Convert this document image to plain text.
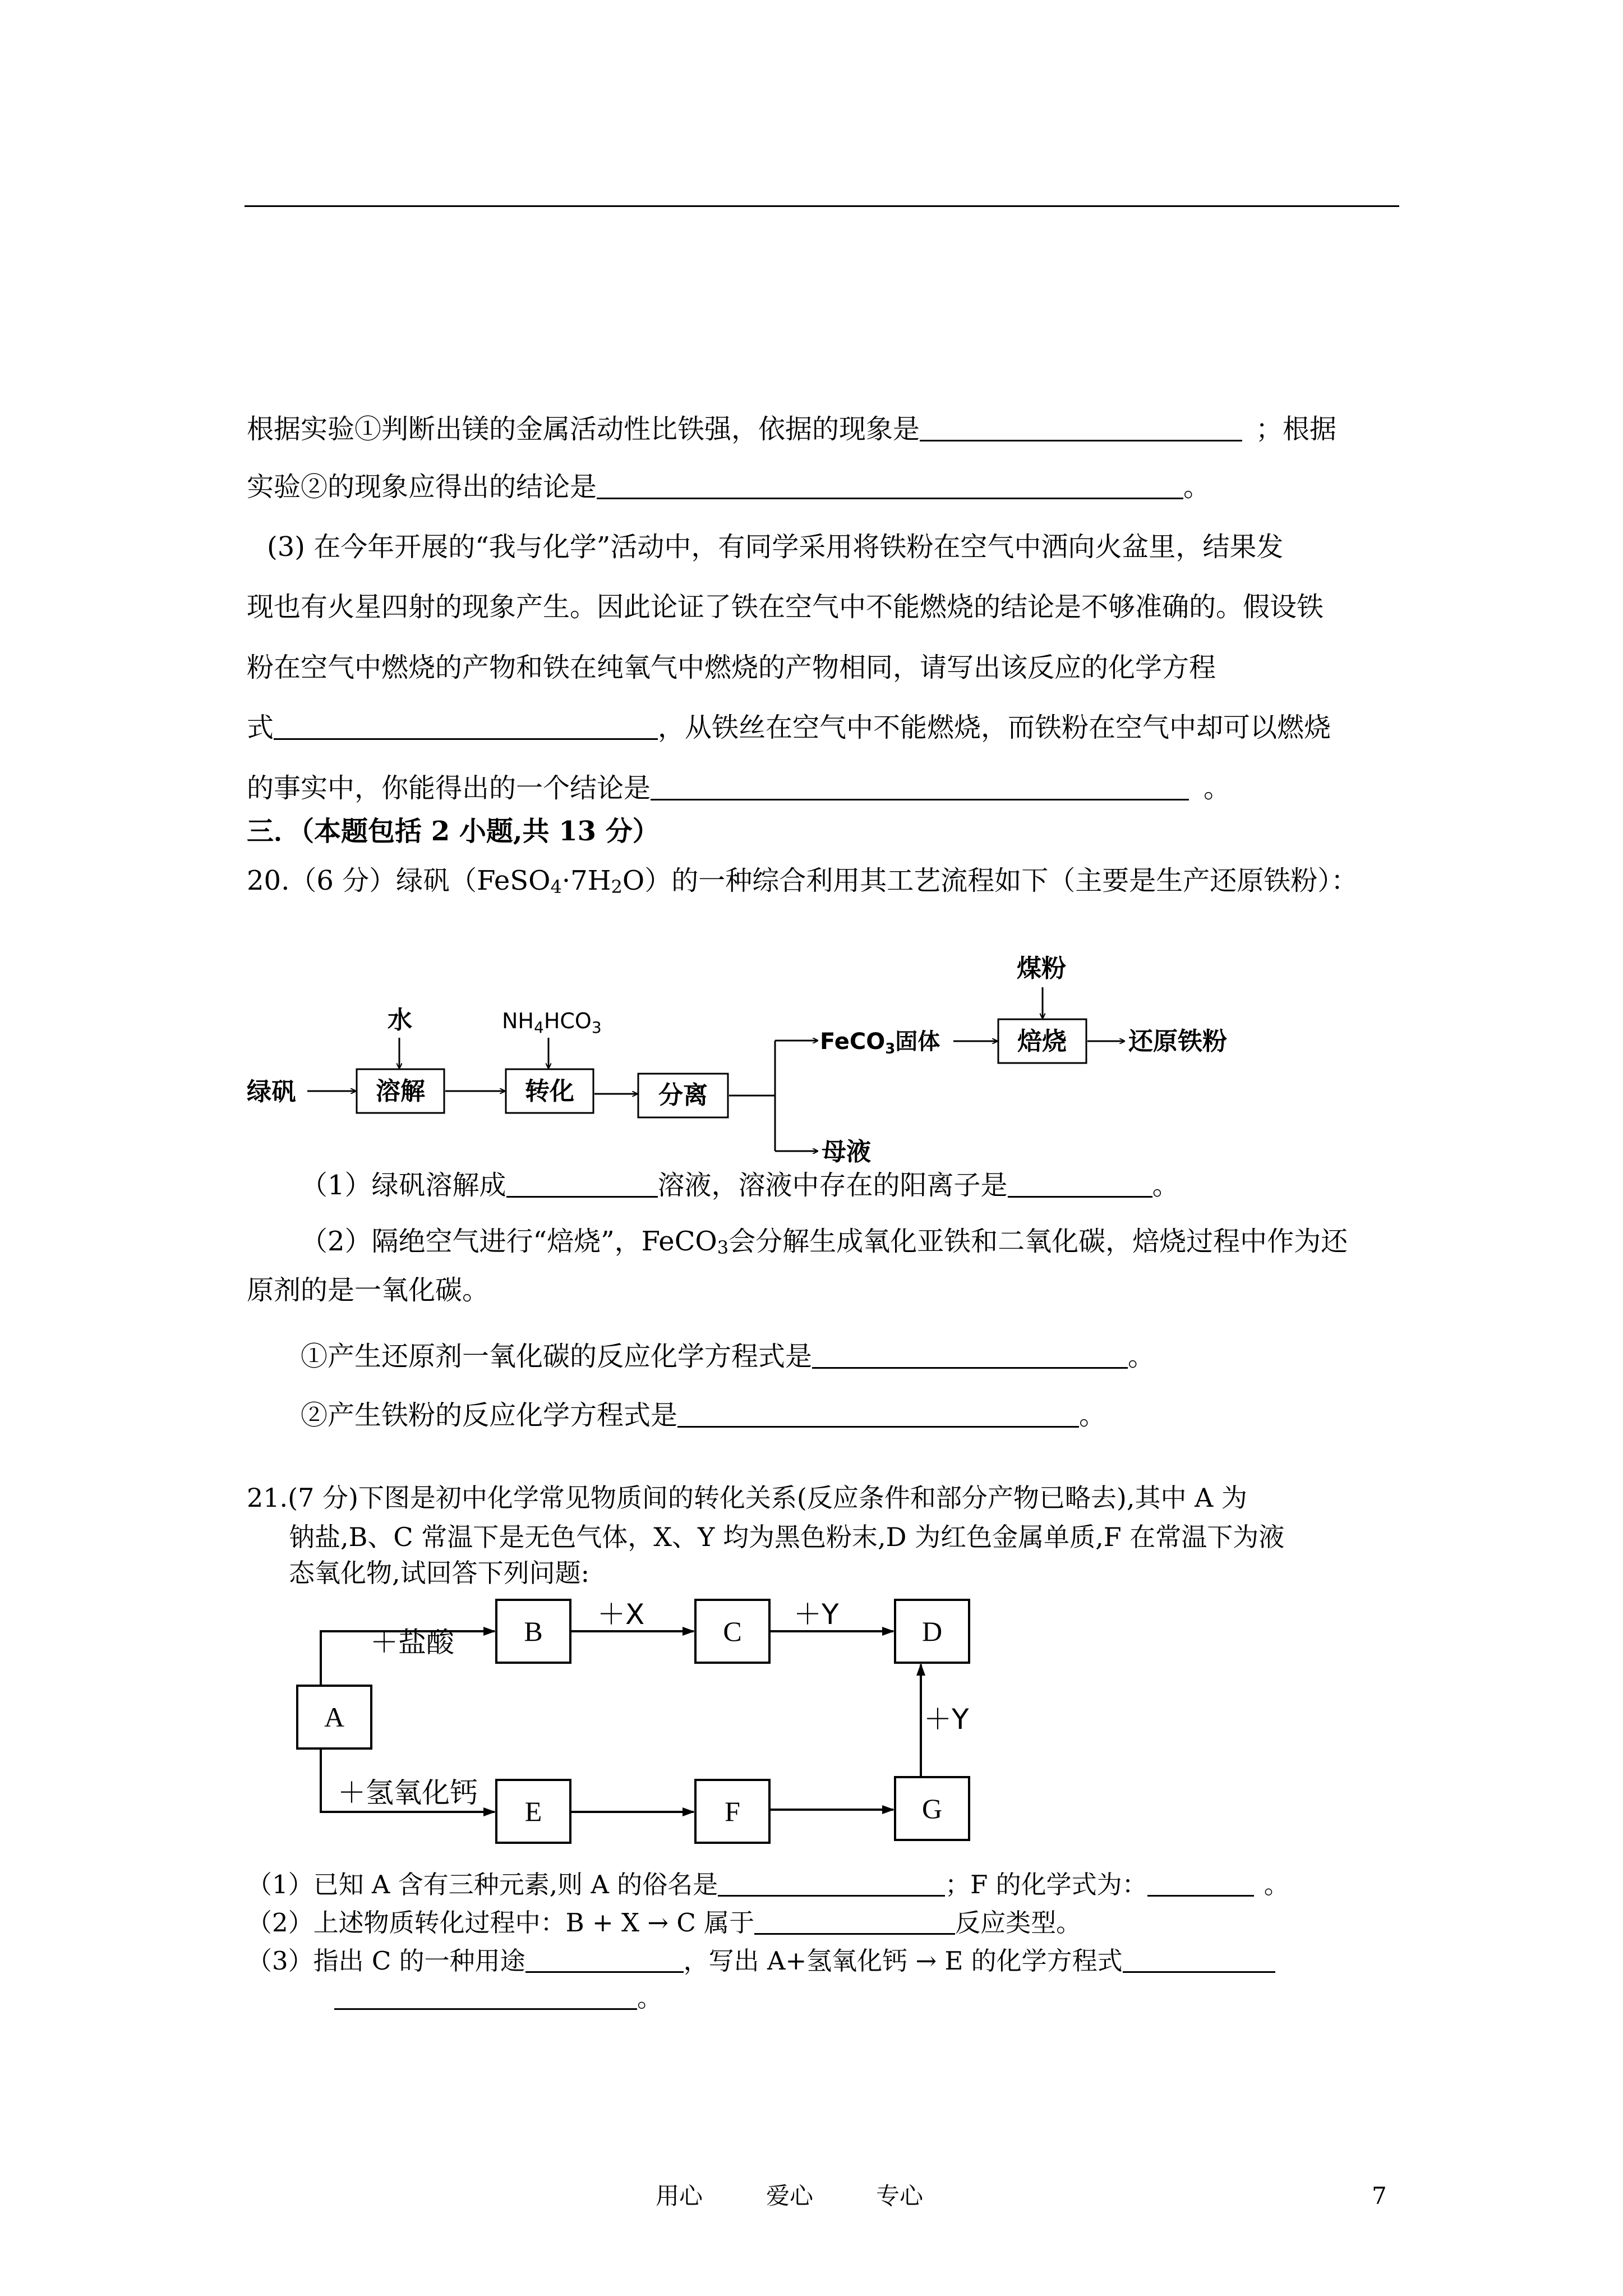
根据实验①判断出镁的金属活动性比铁强，依据的现象是	；根据
实验②的现象应得出的结论是	。
(3) 在今年开展的“我与化学”活动中，有同学采用将铁粉在空气中洒向火盆里，结果发
现也有火星四射的现象产生。因此论证了铁在空气中不能燃烧的结论是不够准确的。假设铁
粉在空气中燃烧的产物和铁在纯氧气中燃烧的产物相同，请写出该反应的化学方程
式	，从铁丝在空气中不能燃烧，而铁粉在空气中却可以燃烧
的事实中，你能得出的一个结论是	。
三．（本题包括 2 小题,共 13 分）
20.（6 分）绿矾$(FeSO_4\cdot 7H_2O)$的一种综合利用其工艺流程如下（主要是生产还原铁粉）：
绿矾
水
溶解	转化	分离
焙烧
煤粉
还原铁粉
母液
$NH_4HCO_3$
FeCO$_3$固体
（1）绿矾溶解成	溶液，溶液中存在的阳离子是	。
（2）隔绝空气进行“焙烧”，FeCO$_3$会分解生成氧化亚铁和二氧化碳，焙烧过程中作为还
原剂的是一氧化碳。
①产生还原剂一氧化碳的反应化学方程式是	。
②产生铁粉的反应化学方程式是	。
21.(7 分)下图是初中化学常见物质间的转化关系(反应条件和部分产物已略去),其中 A 为
钠盐,B、C 常温下是无色气体，X、Y 均为黑色粉末,D 为红色金属单质,F 在常温下为液
态氧化物,试回答下列问题:
A
B	C	D
E	F	G
＋盐酸
＋X	＋Y
＋Y
＋氢氧化钙
（1）已知 A 含有三种元素,则 A 的俗名是	；F 的化学式为：	。
（2）上述物质转化过程中：B + X → C 属于	反应类型。
（3）指出 C 的一种用途	，写出 A+氢氧化钙 → E 的化学方程式
。
用心	爱心	专心	7
